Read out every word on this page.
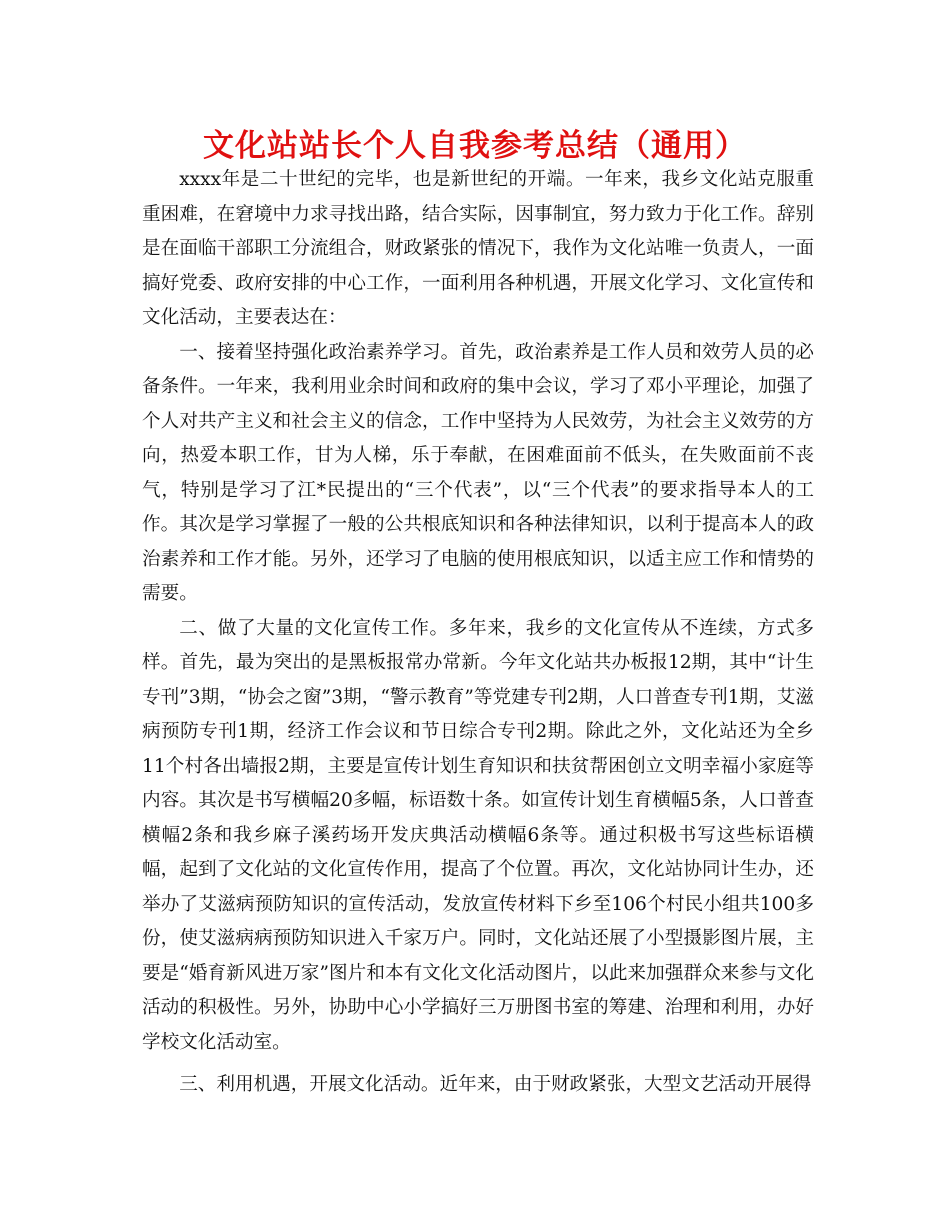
文化站站长个人自我参考总结（通用）

xxxx年是二十世纪的完毕，也是新世纪的开端。一年来，我乡文化站克服重重困难，在窘境中力求寻找出路，结合实际，因事制宜，努力致力于化工作。辞别是在面临干部职工分流组合，财政紧张的情况下，我作为文化站唯一负责人，一面搞好党委、政府安排的中心工作，一面利用各种机遇，开展文化学习、文化宣传和文化活动，主要表达在：

一、接着坚持强化政治素养学习。首先，政治素养是工作人员和效劳人员的必备条件。一年来，我利用业余时间和政府的集中会议，学习了邓小平理论，加强了个人对共产主义和社会主义的信念，工作中坚持为人民效劳，为社会主义效劳的方向，热爱本职工作，甘为人梯，乐于奉献，在困难面前不低头，在失败面前不丧气，特别是学习了江*民提出的“三个代表”，以“三个代表”的要求指导本人的工作。其次是学习掌握了一般的公共根底知识和各种法律知识，以利于提高本人的政治素养和工作才能。另外，还学习了电脑的使用根底知识，以适主应工作和情势的需要。

二、做了大量的文化宣传工作。多年来，我乡的文化宣传从不连续，方式多样。首先，最为突出的是黑板报常办常新。今年文化站共办板报12期，其中“计生专刊”3期，“协会之窗”3期，“警示教育”等党建专刊2期，人口普查专刊1期，艾滋病预防专刊1期，经济工作会议和节日综合专刊2期。除此之外，文化站还为全乡11个村各出墙报2期，主要是宣传计划生育知识和扶贫帮困创立文明幸福小家庭等内容。其次是书写横幅20多幅，标语数十条。如宣传计划生育横幅5条，人口普查横幅2条和我乡麻子溪药场开发庆典活动横幅6条等。通过积极书写这些标语横幅，起到了文化站的文化宣传作用，提高了个位置。再次，文化站协同计生办，还举办了艾滋病预防知识的宣传活动，发放宣传材料下乡至106个村民小组共100多份，使艾滋病病预防知识进入千家万户。同时，文化站还展了小型摄影图片展，主要是“婚育新风进万家”图片和本有文化文化活动图片，以此来加强群众来参与文化活动的积极性。另外，协助中心小学搞好三万册图书室的筹建、治理和利用，办好学校文化活动室。

三、利用机遇，开展文化活动。近年来，由于财政紧张，大型文艺活动开展得
